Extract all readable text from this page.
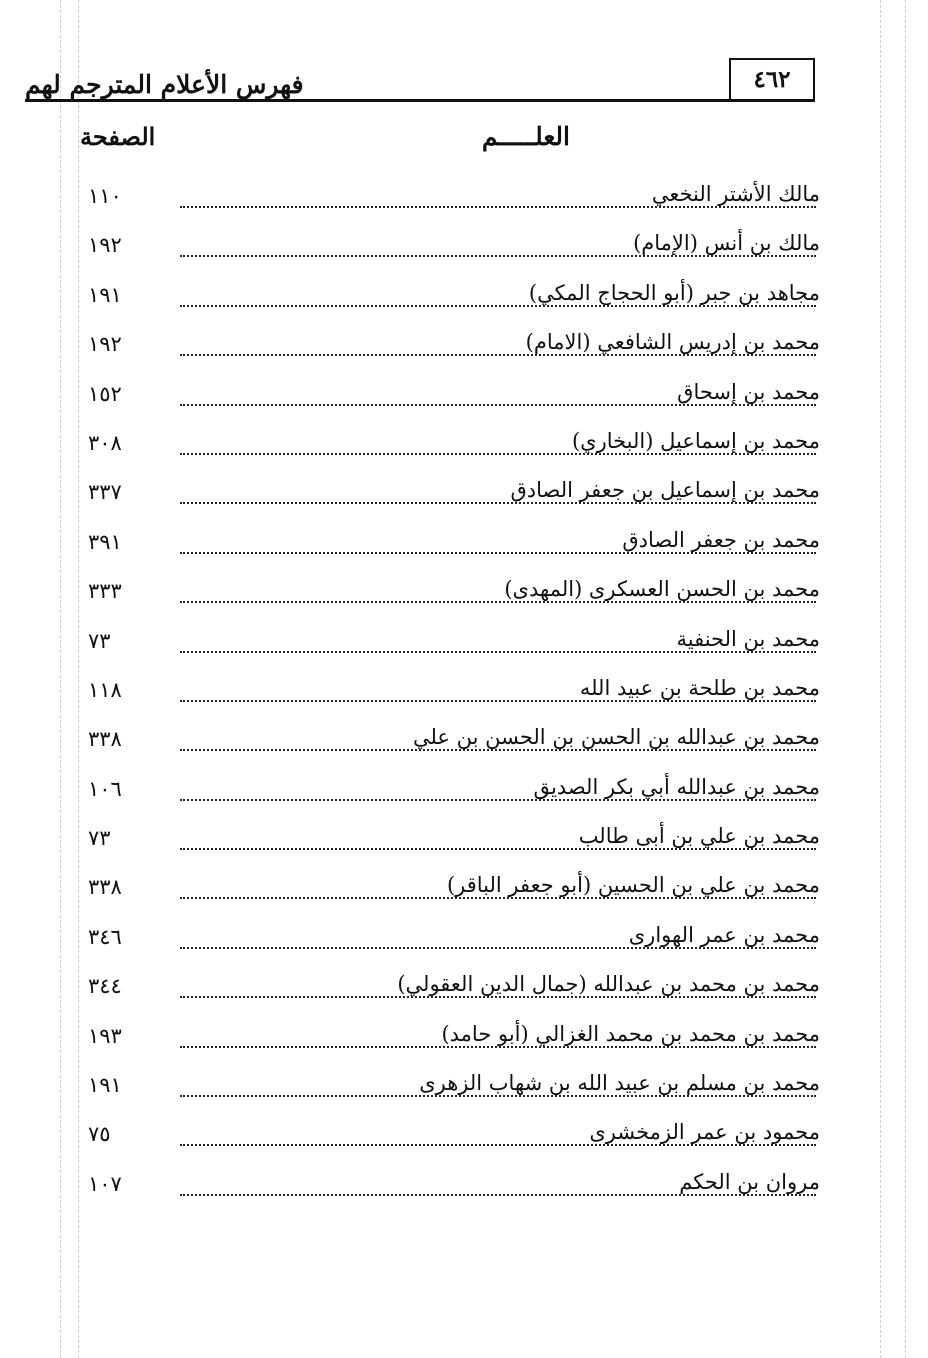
فهرس الأعلام المترجم لهم	٤٦٢
العلـــــم
الصفحة
مالك الأشتر النخعي
١١٠
مالك بن أنس (الإمام)
١٩٢
مجاهد بن جبر (أبو الحجاج المكي)
١٩١
محمد بن إدريس الشافعي (الامام)
١٩٢
محمد بن إسحاق
١٥٢
محمد بن إسماعيل (البخاري)
٣٠٨
محمد بن إسماعيل بن جعفر الصادق
٣٣٧
محمد بن جعفر الصادق
٣٩١
محمد بن الحسن العسكرى (المهدى)
٣٣٣
محمد بن الحنفية
٧٣
محمد بن طلحة بن عبيد الله
١١٨
محمد بن عبدالله بن الحسن بن الحسن بن علي
٣٣٨
محمد بن عبدالله أبي بكر الصديق
١٠٦
محمد بن علي بن أبى طالب
٧٣
محمد بن علي بن الحسين (أبو جعفر الباقر)
٣٣٨
محمد بن عمر الهوارى
٣٤٦
محمد بن محمد بن عبدالله (جمال الدين العقولي)
٣٤٤
محمد بن محمد بن محمد الغزالي (أبو حامد)
١٩٣
محمد بن مسلم بن عبيد الله بن شهاب الزهرى
١٩١
محمود بن عمر الزمخشرى
٧٥
مروان بن الحكم
١٠٧
